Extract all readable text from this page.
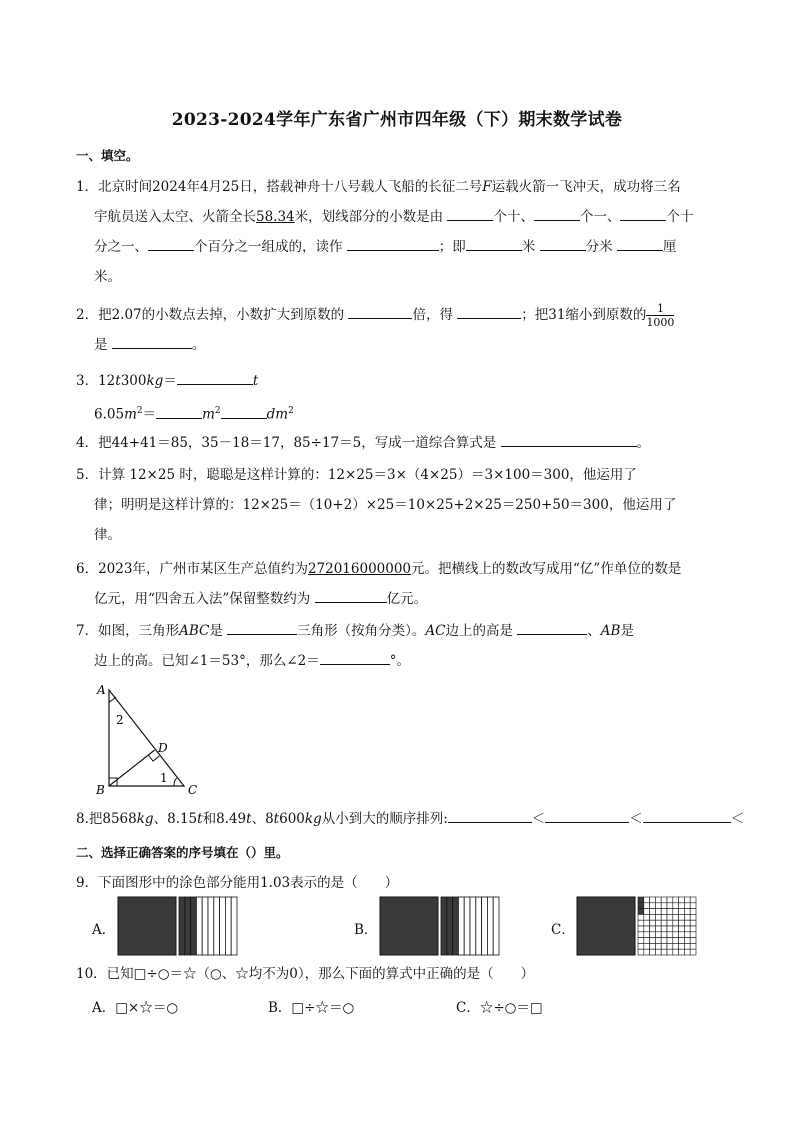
2023-2024学年广东省广州市四年级（下）期末数学试卷
一、填空。
1．北京时间2024年4月25日，搭载神舟十八号载人飞船的长征二号F运载火箭一飞冲天，成功将三名
宇航员送入太空、火箭全长58.34米，划线部分的小数是由	个十、	个一、	个十
分之一、	个百分之一组成的，读作	；即	米	分米	厘
米。
2．把2.07的小数点去掉，小数扩大到原数的	倍，得	；把31缩小到原数的 $\frac{1}{1000}$
是	。
3．12t300kg＝	t
$6.05m^2=$	$m^2$	$dm^2$
4．把44+41＝85，35－18＝17，85÷17＝5，写成一道综合算式是	。
5．计算 12×25 时，聪聪是这样计算的：12×25＝3×（4×25）＝3×100＝300，他运用了
律；明明是这样计算的：12×25＝（10+2）×25＝10×25+2×25＝250+50＝300，他运用了
律。
6．2023年，广州市某区生产总值约为272016000000元。把横线上的数改写成用“亿”作单位的数是
亿元，用“四舍五入法”保留整数约为	亿元。
7．如图，三角形ABC是	三角形（按角分类）。AC边上的高是	、AB是
边上的高。已知∠1＝53°，那么∠2＝	°。
A
B	C
D
1
2
8.把8568kg、8.15t和8.49t、8t600kg从小到大的顺序排列:	＜	＜	＜
二、选择正确答案的序号填在（）里。
9．下面图形中的涂色部分能用1.03表示的是（　　）
A．	B．	C．
10．已知□÷○＝☆（○、☆均不为0），那么下面的算式中正确的是（　　）
A．□×☆＝○	B．□÷☆＝○	C．☆÷○＝□
